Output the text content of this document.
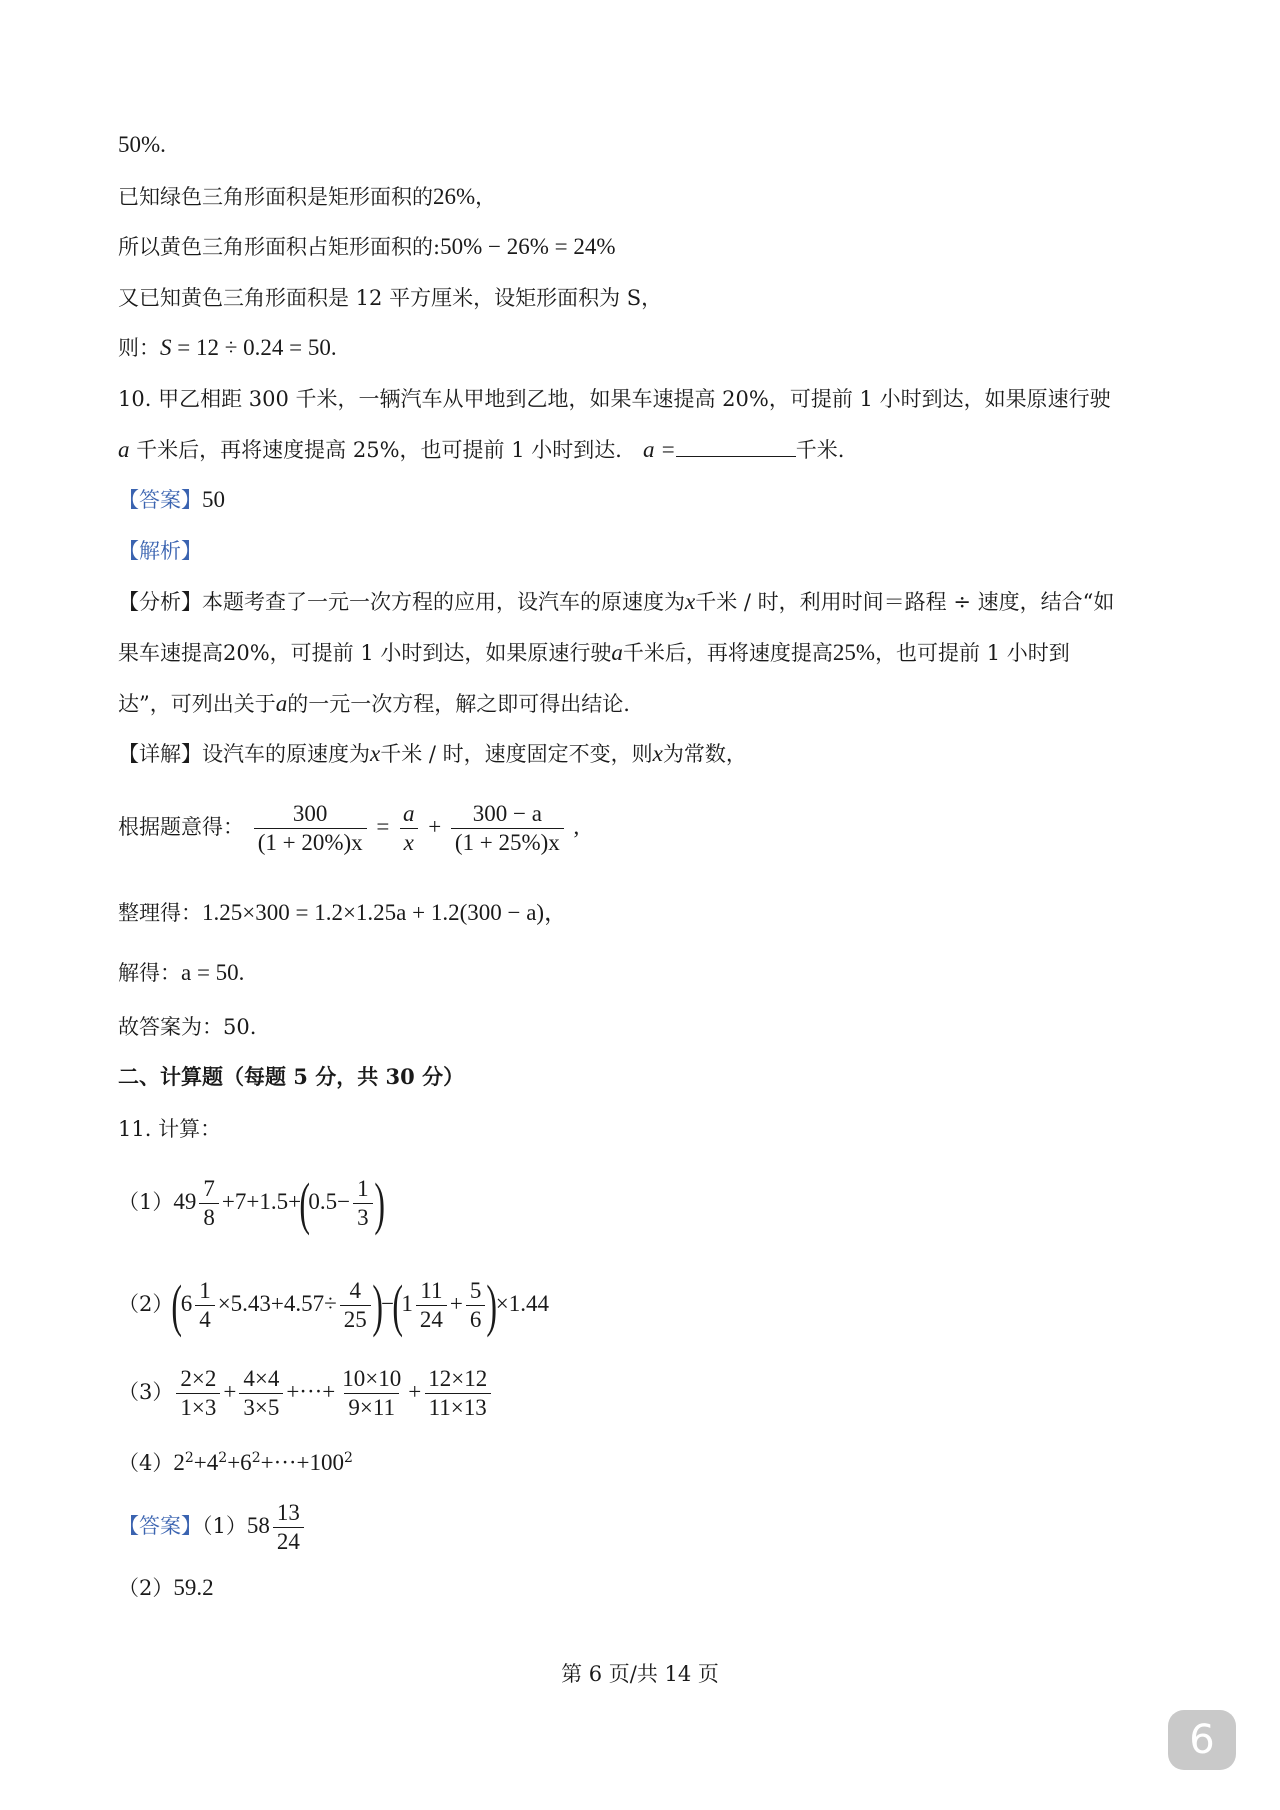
50%.
已知绿色三角形面积是矩形面积的26%，
所以黄色三角形面积占矩形面积的:50% − 26% = 24%
又已知黄色三角形面积是 12 平方厘米，设矩形面积为 S，
则：S = 12 ÷ 0.24 = 50.
10. 甲乙相距 300 千米，一辆汽车从甲地到乙地，如果车速提高 20%，可提前 1 小时到达，如果原速行驶
a 千米后，再将速度提高 25%，也可提前 1 小时到达． a =	千米.
【答案】50
【解析】
【分析】本题考查了一元一次方程的应用，设汽车的原速度为x千米 / 时，利用时间＝路程 ÷ 速度，结合“如
果车速提高20%，可提前 1 小时到达，如果原速行驶a千米后，再将速度提高25%，也可提前 1 小时到
达”，可列出关于a的一元一次方程，解之即可得出结论.
【详解】设汽车的原速度为x千米 / 时，速度固定不变，则x为常数，
根据题意得： $\frac{300}{(1 + 20\%)x} = \frac{a}{x} + \frac{300 - a}{(1 + 25\%)x}$ ,
整理得：1.25×300 = 1.2×1.25a + 1.2(300 − a)，
解得：a = 50.
故答案为：50.
二、计算题（每题 5 分，共 30 分）
11. 计算：
$(1)49 \frac{7}{8} +7+1.5+(0.5- \frac{1}{3}$ )
$(2)(6 \frac{1}{4} \times 5.43+4.57\div \frac{4}{25} )-(1 \frac{11}{24} + \frac{5}{6} )\times 1.44$
$(3) \frac{2\times 2}{1\times 3} + \frac{4\times 4}{3\times 5}$ +···+ $\frac{10\times 10}{9\times 11} + \frac{12\times 12}{11\times 13}$
$(4)2^2+4^2+6^2+\cdot\cdot\cdot+100^2$
【答案】$(1)58 \frac{13}{24}$
（2）59.2
第 6 页/共 14 页
6
